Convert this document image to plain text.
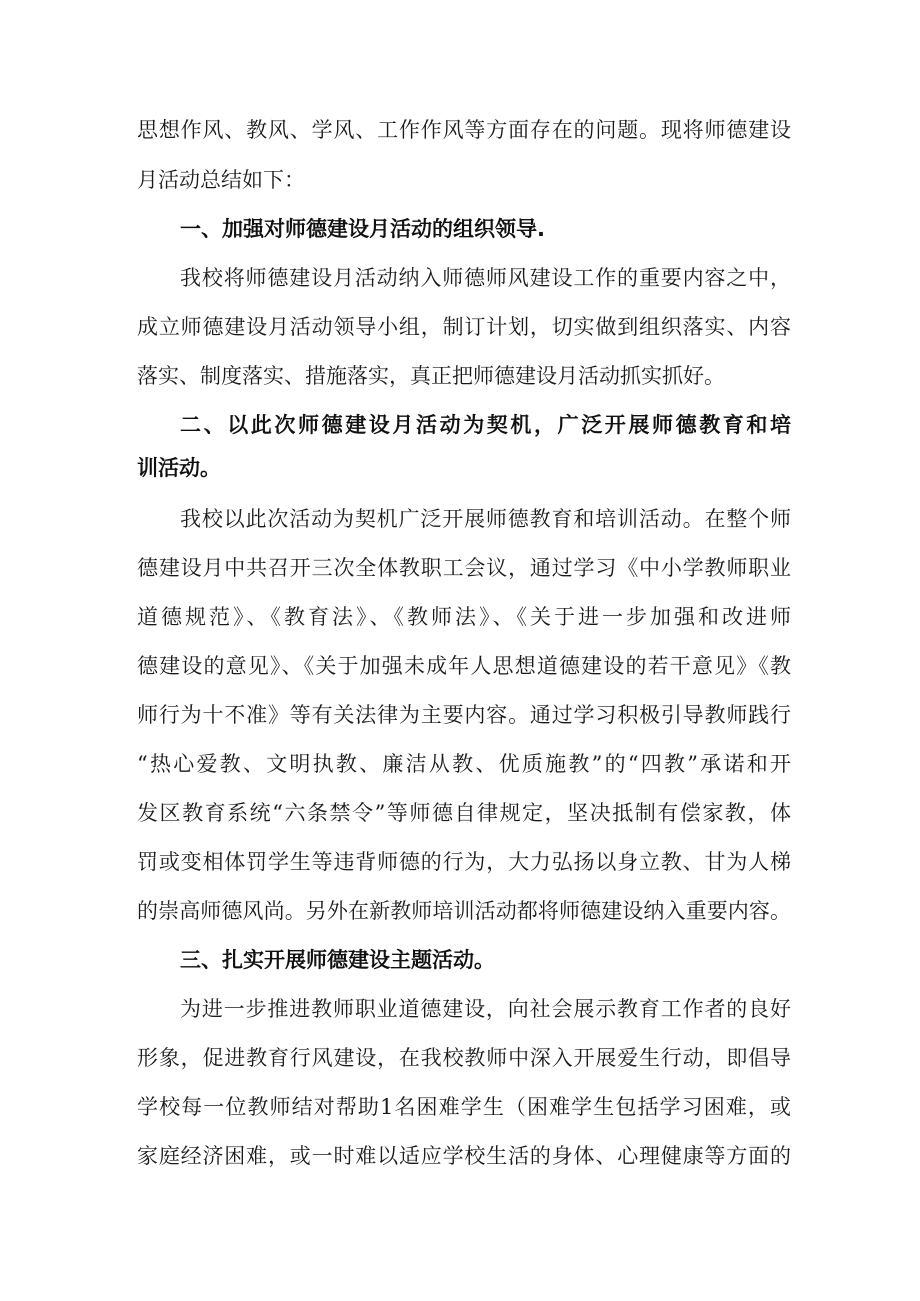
思想作风、教风、学风、工作作风等方面存在的问题。现将师德建设
月活动总结如下：
一、加强对师德建设月活动的组织领导.
我校将师德建设月活动纳入师德师风建设工作的重要内容之中，
成立师德建设月活动领导小组，制订计划，切实做到组织落实、内容
落实、制度落实、措施落实，真正把师德建设月活动抓实抓好。
二、以此次师德建设月活动为契机，广泛开展师德教育和培
训活动。
我校以此次活动为契机广泛开展师德教育和培训活动。在整个师
德建设月中共召开三次全体教职工会议，通过学习《中小学教师职业
道德规范》、《教育法》、《教师法》、《关于进一步加强和改进师
德建设的意见》、《关于加强未成年人思想道德建设的若干意见》《教
师行为十不准》等有关法律为主要内容。通过学习积极引导教师践行
“热心爱教、文明执教、廉洁从教、优质施教”的“四教”承诺和开
发区教育系统“六条禁令”等师德自律规定，坚决抵制有偿家教，体
罚或变相体罚学生等违背师德的行为，大力弘扬以身立教、甘为人梯
的崇高师德风尚。另外在新教师培训活动都将师德建设纳入重要内容。
三、扎实开展师德建设主题活动。
为进一步推进教师职业道德建设，向社会展示教育工作者的良好
形象，促进教育行风建设，在我校教师中深入开展爱生行动，即倡导
学校每一位教师结对帮助1名困难学生（困难学生包括学习困难，或
家庭经济困难，或一时难以适应学校生活的身体、心理健康等方面的
